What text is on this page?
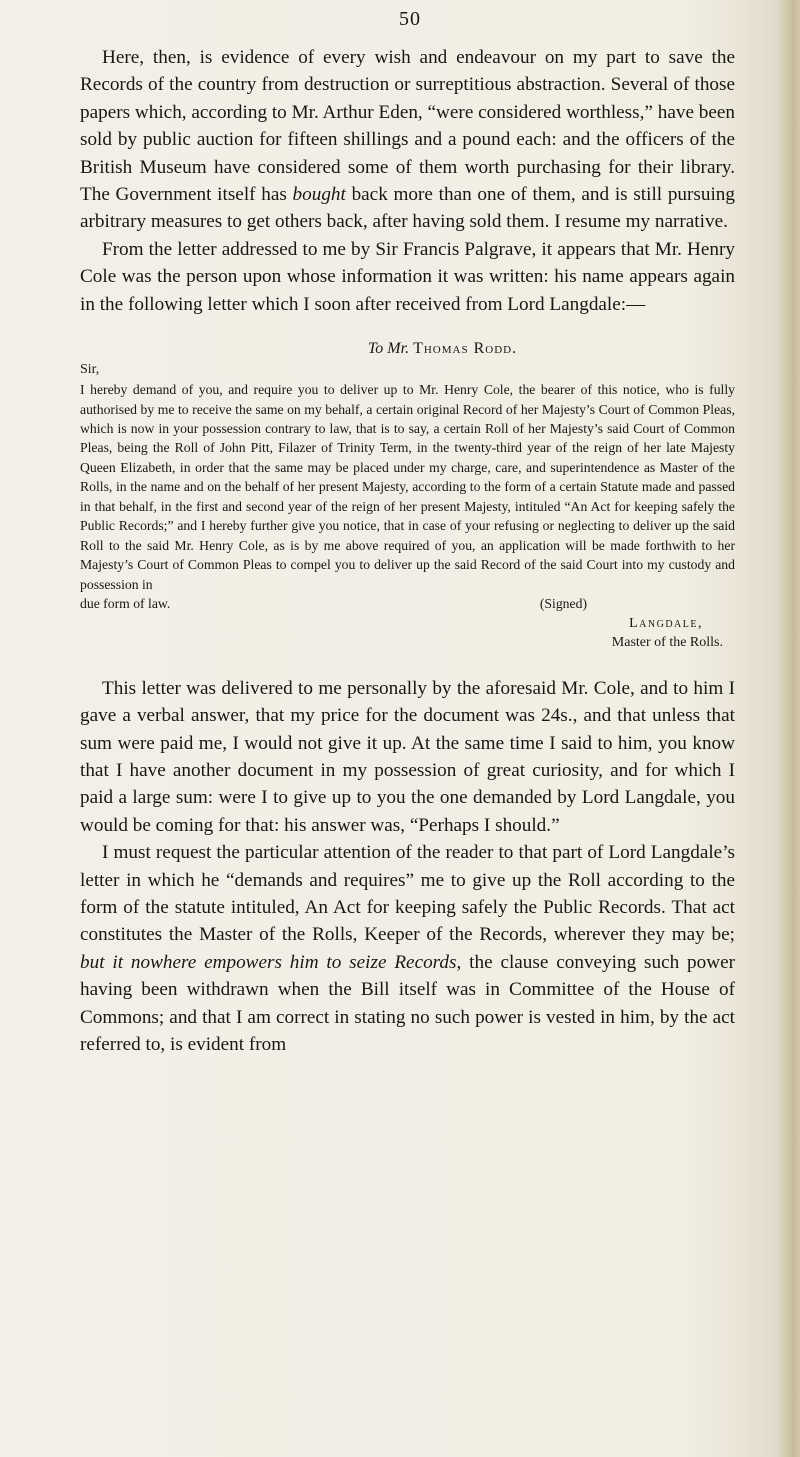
50

Here, then, is evidence of every wish and endeavour on my part to save the Records of the country from destruction or surreptitious abstraction. Several of those papers which, according to Mr. Arthur Eden, “were considered worthless,” have been sold by public auction for fifteen shillings and a pound each: and the officers of the British Museum have considered some of them worth purchasing for their library. The Government itself has bought back more than one of them, and is still pursuing arbitrary measures to get others back, after having sold them. I resume my narrative.

From the letter addressed to me by Sir Francis Palgrave, it appears that Mr. Henry Cole was the person upon whose information it was written: his name appears again in the following letter which I soon after received from Lord Langdale:—

To Mr. Thomas Rodd.
Sir,

I hereby demand of you, and require you to deliver up to Mr. Henry Cole, the bearer of this notice, who is fully authorised by me to receive the same on my behalf, a certain original Record of her Majesty’s Court of Common Pleas, which is now in your possession contrary to law, that is to say, a certain Roll of her Majesty’s said Court of Common Pleas, being the Roll of John Pitt, Filazer of Trinity Term, in the twenty-third year of the reign of her late Majesty Queen Elizabeth, in order that the same may be placed under my charge, care, and superintendence as Master of the Rolls, in the name and on the behalf of her present Majesty, according to the form of a certain Statute made and passed in that behalf, in the first and second year of the reign of her present Majesty, intituled “An Act for keeping safely the Public Records;” and I hereby further give you notice, that in case of your refusing or neglecting to deliver up the said Roll to the said Mr. Henry Cole, as is by me above required of you, an application will be made forthwith to her Majesty’s Court of Common Pleas to compel you to deliver up the said Record of the said Court into my custody and possession in

due form of law.	(Signed)
Langdale,
Master of the Rolls.

This letter was delivered to me personally by the aforesaid Mr. Cole, and to him I gave a verbal answer, that my price for the document was 24s., and that unless that sum were paid me, I would not give it up. At the same time I said to him, you know that I have another document in my possession of great curiosity, and for which I paid a large sum: were I to give up to you the one demanded by Lord Langdale, you would be coming for that: his answer was, “Perhaps I should.”

I must request the particular attention of the reader to that part of Lord Langdale’s letter in which he “demands and requires” me to give up the Roll according to the form of the statute intituled, An Act for keeping safely the Public Records. That act constitutes the Master of the Rolls, Keeper of the Records, wherever they may be; but it nowhere empowers him to seize Records, the clause conveying such power having been withdrawn when the Bill itself was in Committee of the House of Commons; and that I am correct in stating no such power is vested in him, by the act referred to, is evident from
